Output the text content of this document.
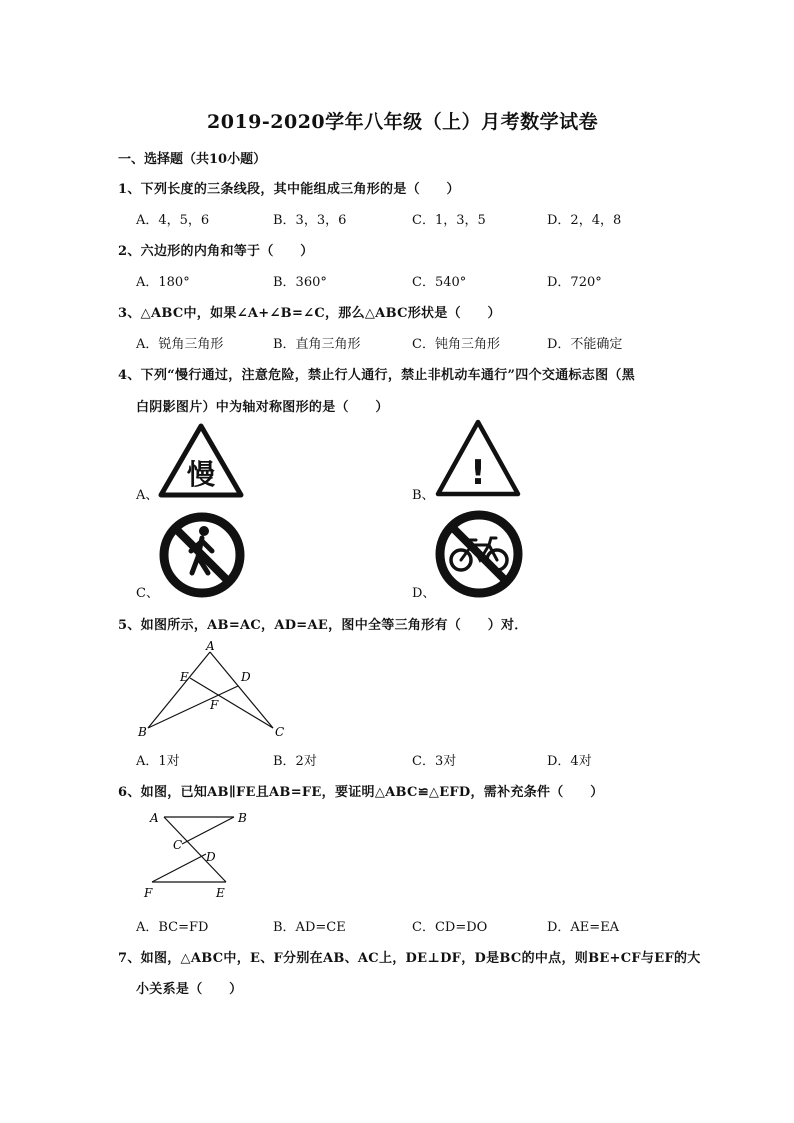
2019-2020学年八年级（上）月考数学试卷
一、选择题（共10小题）
1、下列长度的三条线段，其中能组成三角形的是（　　）
A．4，5，6	B．3，3，6	C．1，3，5	D．2，4，8
2、六边形的内角和等于（　　）
A．180°	B．360°	C．540°	D．720°
3、△ABC中，如果∠A+∠B=∠C，那么△ABC形状是（　　）
A．锐角三角形	B．直角三角形	C．钝角三角形	D．不能确定
4、下列“慢行通过，注意危险，禁止行人通行，禁止非机动车通行”四个交通标志图（黑
白阴影图片）中为轴对称图形的是（　　）
慢
A、
!
B、
C、	D、
5、如图所示，AB=AC，AD=AE，图中全等三角形有（　　）对．
A
E	D
F
B	C
A．1对	B．2对	C．3对	D．4对
6、如图，已知AB∥FE且AB=FE，要证明△ABC≌△EFD，需补充条件（　　）
A	B
C
D
F	E
A．BC=FD	B．AD=CE	C．CD=DO	D．AE=EA
7、如图，△ABC中，E、F分别在AB、AC上，DE⊥DF，D是BC的中点，则BE+CF与EF的大
小关系是（　　）
